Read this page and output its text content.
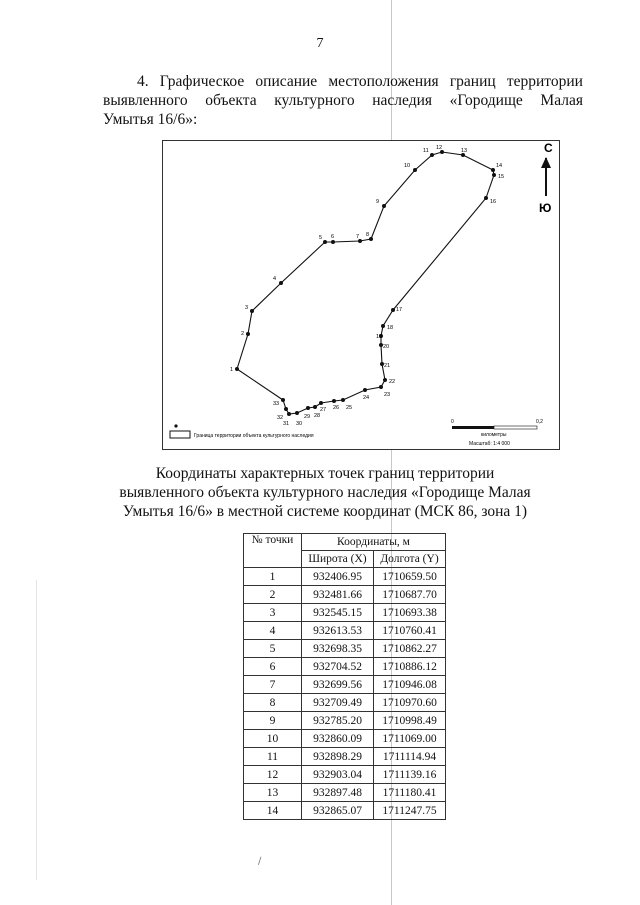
∕
7
4. Графическое описание местоположения границ территории
выявленного объекта культурного наследия «Городище Малая
Умытья 16/6»:
1
2
3
4
5 6	7 8
9
10
11 12	13
14
15
16
17
18
19
20
21
22
23
24
25
26
27
28
29
30
31
32
33
С
Ю
Граница территории объекта культурного наследия
0	0,2
километры
Масштаб: 1:4 000
Координаты характерных точек границ территории
выявленного объекта культурного наследия «Городище Малая
Умытья 16/6» в местной системе координат (МСК 86, зона 1)
№ точки	Координаты, м	
	Широта (X)	Долгота (Y)
1	932406.95	1710659.50
2	932481.66	1710687.70
3	932545.15	1710693.38
4	932613.53	1710760.41
5	932698.35	1710862.27
6	932704.52	1710886.12
7	932699.56	1710946.08
8	932709.49	1710970.60
9	932785.20	1710998.49
10	932860.09	1711069.00
11	932898.29	1711114.94
12	932903.04	1711139.16
13	932897.48	1711180.41
14	932865.07	1711247.75
